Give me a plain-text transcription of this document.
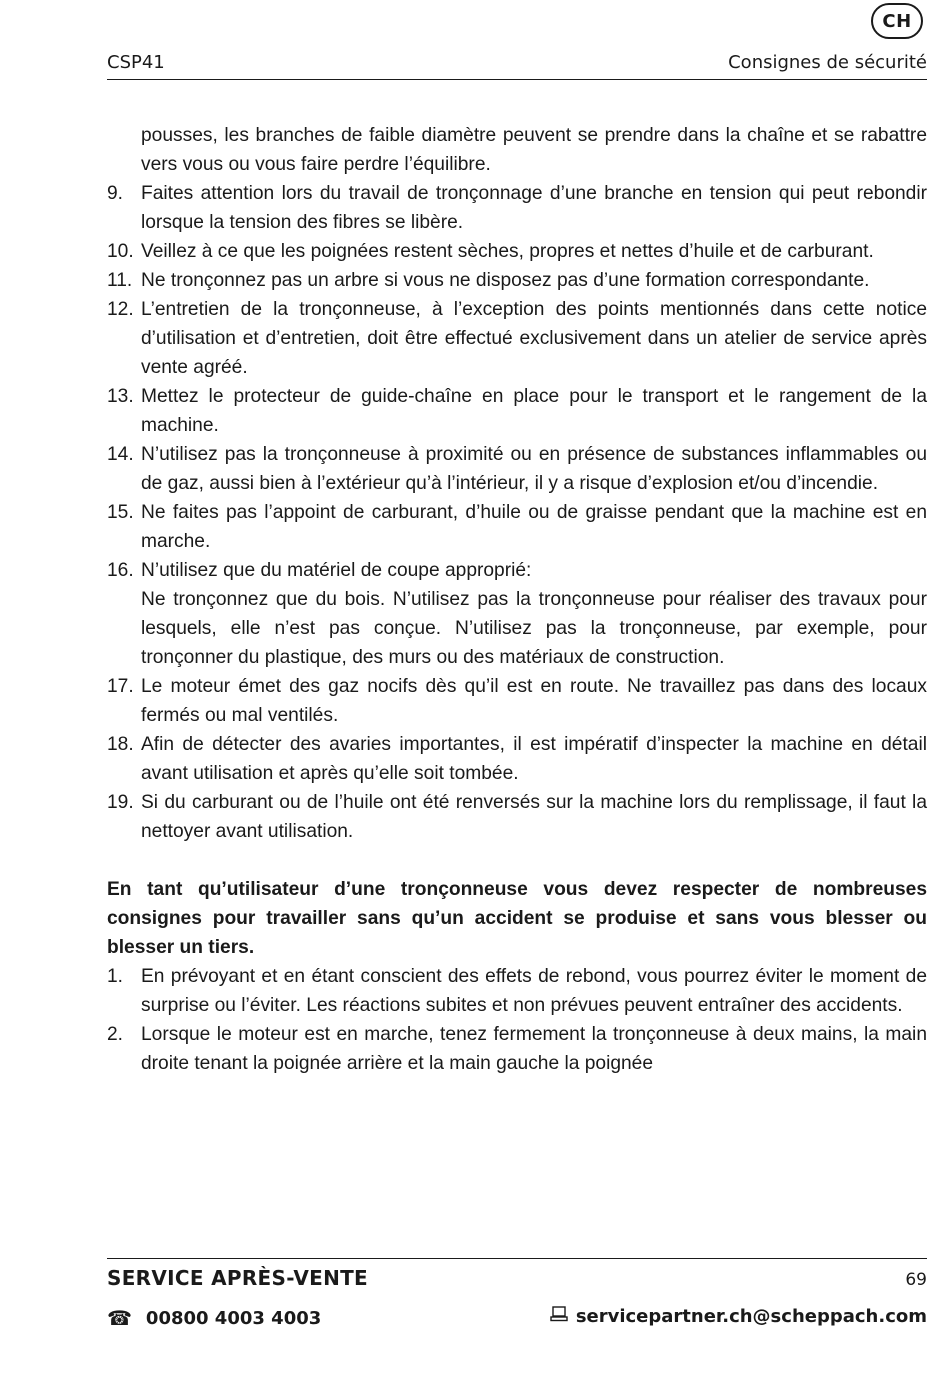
CH
CSP41	Consignes de sécurité
pousses, les branches de faible diamètre peuvent se prendre dans la chaîne et se rabattre vers vous ou vous faire perdre l’équilibre.
9. Faites attention lors du travail de tronçonnage d’une branche en tension qui peut rebondir lorsque la tension des fibres se libère.
10. Veillez à ce que les poignées restent sèches, propres et nettes d’huile et de carburant.
11. Ne tronçonnez pas un arbre si vous ne disposez pas d’une formation correspondante.
12. L’entretien de la tronçonneuse, à l’exception des points mentionnés dans cette notice d’utilisation et d’entretien, doit être effectué exclusivement dans un atelier de service après vente agréé.
13. Mettez le protecteur de guide-chaîne en place pour le transport et le rangement de la machine.
14. N’utilisez pas la tronçonneuse à proximité ou en présence de substances inflammables ou de gaz, aussi bien à l’extérieur qu’à l’intérieur, il y a risque d’explosion et/ou d’incendie.
15. Ne faites pas l’appoint de carburant, d’huile ou de graisse pendant que la machine est en marche.
16. N’utilisez que du matériel de coupe approprié:
Ne tronçonnez que du bois. N’utilisez pas la tronçonneuse pour réaliser des travaux pour lesquels, elle n’est pas conçue. N’utilisez pas la tronçonneuse, par exemple, pour tronçonner du plastique, des murs ou des matériaux de construction.
17. Le moteur émet des gaz nocifs dès qu’il est en route. Ne travaillez pas dans des locaux fermés ou mal ventilés.
18. Afin de détecter des avaries importantes, il est impératif d’inspecter la machine en détail avant utilisation et après qu’elle soit tombée.
19. Si du carburant ou de l’huile ont été renversés sur la machine lors du remplissage, il faut la nettoyer avant utilisation.
En tant qu’utilisateur d’une tronçonneuse vous devez respecter de nombreuses consignes pour travailler sans qu’un accident se produise et sans vous blesser ou blesser un tiers.
1. En prévoyant et en étant conscient des effets de rebond, vous pourrez éviter le moment de surprise ou l’éviter. Les réactions subites et non prévues peuvent entraîner des accidents.
2. Lorsque le moteur est en marche, tenez fermement la tronçonneuse à deux mains, la main droite tenant la poignée arrière et la main gauche la poignée
SERVICE APRÈS-VENTE	69
☎ 00800 4003 4003	servicepartner.ch@scheppach.com
